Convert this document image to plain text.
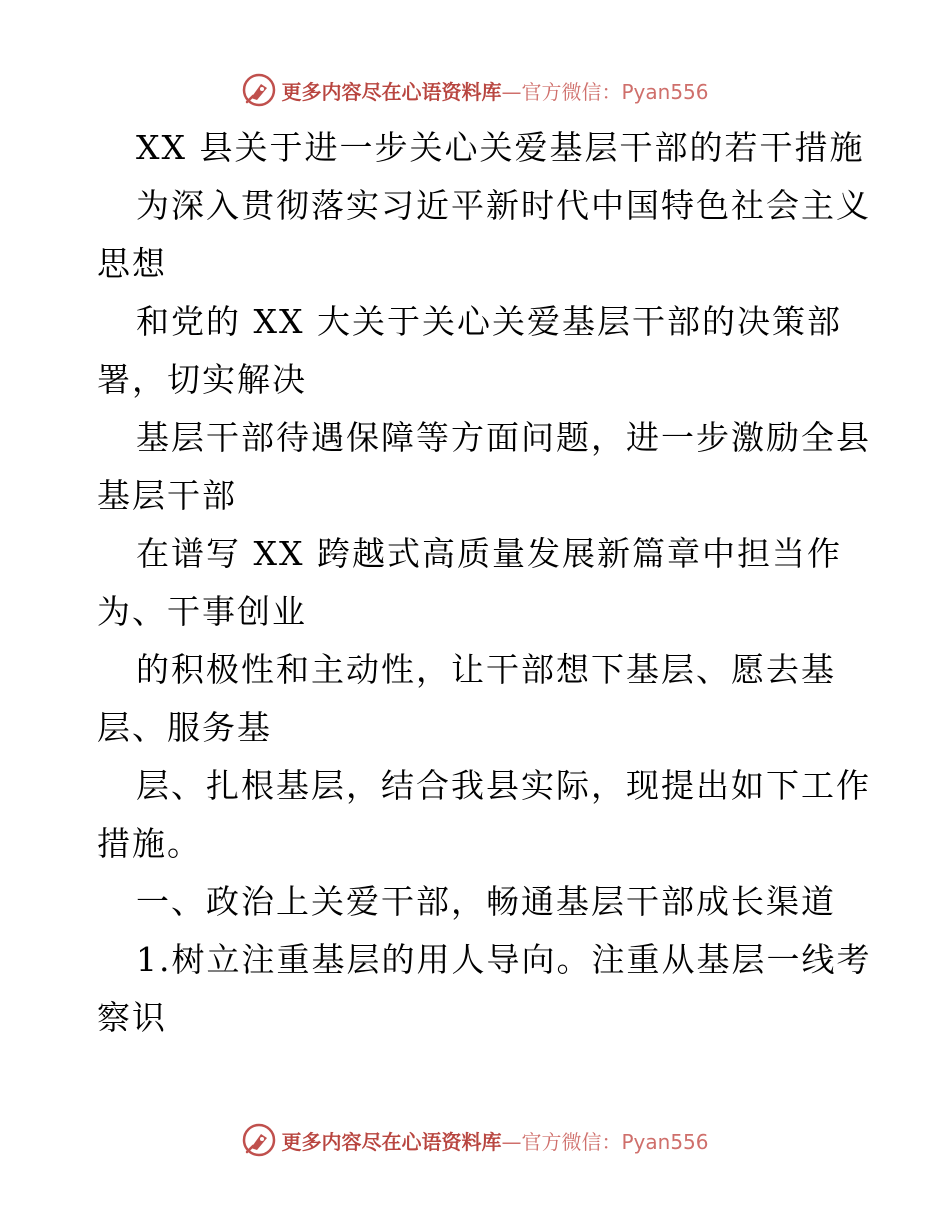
更多内容尽在心语资料库—官方微信：Pyan556
XX 县关于进一步关心关爱基层干部的若干措施
为深入贯彻落实习近平新时代中国特色社会主义
思想
和党的 XX 大关于关心关爱基层干部的决策部
署，切实解决
基层干部待遇保障等方面问题，进一步激励全县
基层干部
在谱写 XX 跨越式高质量发展新篇章中担当作
为、干事创业
的积极性和主动性，让干部想下基层、愿去基
层、服务基
层、扎根基层，结合我县实际，现提出如下工作
措施。
一、政治上关爱干部，畅通基层干部成长渠道
1.树立注重基层的用人导向。注重从基层一线考
察识
更多内容尽在心语资料库—官方微信：Pyan556
